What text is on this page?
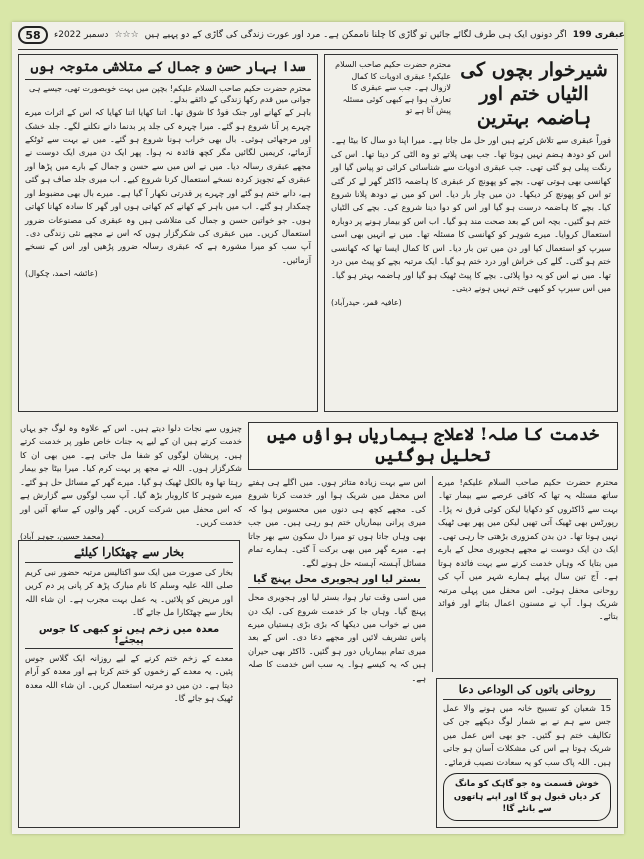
58	دسمبر 2022ء ☆☆☆ اگر دونوں ایک ہی طرف لگائے جائیں تو گاڑی کا چلنا ناممکن ہے۔ مرد اور عورت زندگی کی گاڑی کے دو پہیے ہیں عبقری 199
شیرخوار بچوں کی الٹیاں ختم اور ہاضمہ بہترین
محترم حضرت حکیم صاحب السلام علیکم! عبقری ادویات کا کمال لازوال ہے۔ جب سے عبقری کا تعارف ہوا ہے کبھی کوئی مسئلہ پیش آتا ہے تو
فوراً عبقری سے تلاش کرتے ہیں اور حل مل جاتا ہے۔ میرا اپنا دو سال کا بیٹا ہے۔ اس کو دودھ ہضم نہیں ہوتا تھا۔ جب بھی پلاتے تو وہ الٹی کر دیتا تھا۔ اس کی رنگت پیلی ہو گئی تھی۔ جب عبقری ادویات سے شناسائی کرائی تو پیاس گیا اور کھانسی بھی ہوتی تھی۔ بچے کو پھونچ کر عبقری کا ہاضمہ ڈاکٹر گھر لے کر گئی تو اس کو پھونچ کر دیکھا۔ دن میں چار بار دیا۔ اس کو میں نے دودھ پلانا شروع کیا۔ بچے کا ہاضمہ درست ہو گیا اور اس کو دوا دینا شروع کی۔ بچے کی الٹیاں ختم ہو گئیں۔ بچہ اس کے بعد صحت مند ہو گیا۔ اب اس کو بیمار ہونے پر دوبارہ استعمال کروایا۔ میرے شوہر کو کھانسی کا مسئلہ تھا۔ میں نے انہیں بھی اسی سیرپ کو استعمال کیا اور دن میں تین بار دیا۔ اس کا کمال ایسا تھا کہ کھانسی ختم ہو گئی۔ گلے کی خراش اور درد ختم ہو گیا۔ ایک مرتبہ بچے کو پیٹ میں درد تھا۔ میں نے اس کو یہ دوا پلائی۔ بچے کا پیٹ ٹھیک ہو گیا اور ہاضمہ بہتر ہو گیا۔ میں اس سیرپ کو کبھی ختم نہیں ہونے دیتی۔
(عافیہ قمر، حیدرآباد)
سدا بہار حسن و جمال کے متلاشی متوجہ ہوں
محترم حضرت حکیم صاحب السلام علیکم! بچپن میں بہت خوبصورت تھی، جیسے ہی جوانی میں قدم رکھا زندگی کے ذائقے بدلے۔
باہر کے کھانے اور جنک فوڈ کا شوق تھا۔ اتنا کھایا اتنا کھایا کہ اس کے اثرات میرے چہرے پر آنا شروع ہو گئے۔ میرا چہرہ کی جلد پر بدنما دانے نکلنے لگے۔ جلد خشک اور مرجھائی ہوئی۔ بال بھی خراب ہونا شروع ہو گئے۔ میں نے بہت سے ٹوٹکے آزمائے، کریمیں لگائیں مگر کچھ فائدہ نہ ہوا۔ پھر ایک دن میری ایک دوست نے مجھے عبقری رسالہ دیا۔ میں نے اس میں سے حسن و جمال کے بارے میں پڑھا اور عبقری کے تجویز کردہ نسخے استعمال کرنا شروع کیے۔ اب میری جلد صاف ہو گئی ہے، دانے ختم ہو گئے اور چہرے پر قدرتی نکھار آ گیا ہے۔ میرے بال بھی مضبوط اور چمکدار ہو گئے۔ اب میں باہر کے کھانے کم کھاتی ہوں اور گھر کا سادہ کھانا کھاتی ہوں۔ جو خواتین حسن و جمال کی متلاشی ہیں وہ عبقری کی مصنوعات ضرور استعمال کریں۔ میں عبقری کی شکرگزار ہوں کہ اس نے مجھے نئی زندگی دی۔ آپ سب کو میرا مشورہ ہے کہ عبقری رسالہ ضرور پڑھیں اور اس کے نسخے آزمائیں۔
(عائشہ احمد، چکوال)
خدمت کا صلہ! لاعلاج بیماریاں ہواؤں میں تحلیل ہوگئیں
چیزوں سے نجات دلوا دیتے ہیں۔ اس کے علاوہ وہ لوگ جو یہاں خدمت کرتے ہیں ان کے لیے یہ جنات خاص طور پر خدمت کرتے ہیں۔ پریشان لوگوں کو شفا مل جاتی ہے۔ میں بھی ان کا شکرگزار ہوں۔ اللہ نے مجھ پر بہت کرم کیا۔ میرا بیٹا جو بیمار رہتا تھا وہ بالکل ٹھیک ہو گیا۔ میرے گھر کے مسائل حل ہو گئے۔ میرے شوہر کا کاروبار بڑھ گیا۔ آپ سب لوگوں سے گزارش ہے کہ اس محفل میں شرکت کریں۔ گھر والوں کے ساتھ آئیں اور خدمت کریں۔
(محمد حسین، جوہر آباد)
اس سے بہت زیادہ متاثر ہوں۔ میں اگلے ہی ہفتے اس محفل میں شریک ہوا اور خدمت کرنا شروع کی۔ مجھے کچھ ہی دنوں میں محسوس ہوا کہ میری پرانی بیماریاں ختم ہو رہی ہیں۔ میں جب بھی وہاں جاتا ہوں تو میرا دل سکون سے بھر جاتا ہے۔ میرے گھر میں بھی برکت آ گئی۔ ہمارے تمام مسائل آہستہ آہستہ حل ہونے لگے۔
بستر لیا اور ہجویری محل پہنچ گیا
میں اسی وقت تیار ہوا، بستر لیا اور ہجویری محل پہنچ گیا۔ وہاں جا کر خدمت شروع کی۔ ایک دن میں نے خواب میں دیکھا کہ بڑی بڑی ہستیاں میرے پاس تشریف لائیں اور مجھے دعا دی۔ اس کے بعد میری تمام بیماریاں دور ہو گئیں۔ ڈاکٹر بھی حیران ہیں کہ یہ کیسے ہوا۔ یہ سب اس خدمت کا صلہ ہے۔
محترم حضرت حکیم صاحب السلام علیکم! میرے ساتھ مسئلہ یہ تھا کہ کافی عرصے سے بیمار تھا۔ بہت سے ڈاکٹروں کو دکھایا لیکن کوئی فرق نہ پڑا۔ رپورٹس بھی ٹھیک آتی تھیں لیکن میں پھر بھی ٹھیک نہیں ہوتا تھا۔ دن بدن کمزوری بڑھتی جا رہی تھی۔ ایک دن ایک دوست نے مجھے ہجویری محل کے بارے میں بتایا کہ وہاں خدمت کرنے سے بہت فائدہ ہوتا ہے۔ آج تین سال پہلے ہمارے شہر میں آپ کی روحانی محفل ہوئی۔ اس محفل میں پہلی مرتبہ شریک ہوا۔ آپ نے مسنون اعمال بتائے اور فوائد بتائے۔
بخار سے چھٹکارا کیلئے
بخار کی صورت میں ایک سو اکتالیس مرتبہ حضور نبی کریم صلی اللہ علیہ وسلم کا نام مبارک پڑھ کر پانی پر دم کریں اور مریض کو پلائیں۔ یہ عمل بہت مجرب ہے۔ ان شاء اللہ بخار سے چھٹکارا مل جائے گا۔
معدہ میں زخم ہیں تو کبھی کا جوس پیجئے!
معدے کے زخم ختم کرنے کے لیے روزانہ ایک گلاس جوس پئیں۔ یہ معدے کے زخموں کو ختم کرتا ہے اور معدہ کو آرام دیتا ہے۔ دن میں دو مرتبہ استعمال کریں۔ ان شاء اللہ معدہ ٹھیک ہو جائے گا۔
روحانی باتوں کی الوداعی دعا
15 شعبان کو تسبیح خانہ میں ہونے والا عمل جس سے ہم نے بے شمار لوگ دیکھے جن کی تکالیف ختم ہو گئیں۔ جو بھی اس عمل میں شریک ہوتا ہے اس کی مشکلات آسان ہو جاتی ہیں۔ اللہ پاک سب کو یہ سعادت نصیب فرمائے۔
خوش قسمت وہ جو گاہک کو مانگ کر دیاں قبول ہو گا اور اپنے ہاتھوں سے بانٹے گا!
